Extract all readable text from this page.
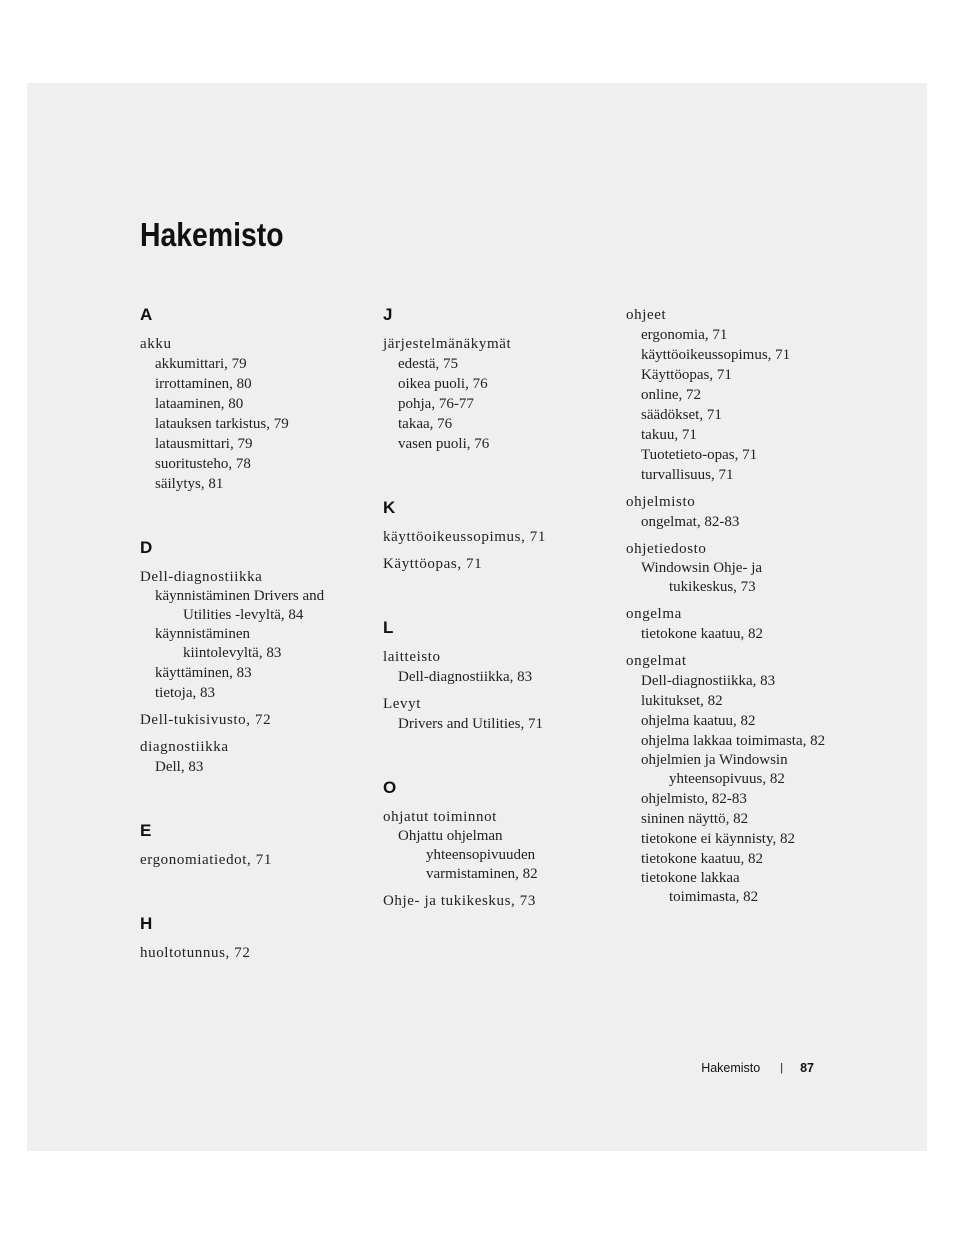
Hakemisto
A
akku
akkumittari, 79
irrottaminen, 80
lataaminen, 80
latauksen tarkistus, 79
latausmittari, 79
suoritusteho, 78
säilytys, 81
D
Dell-diagnostiikka
käynnistäminen Drivers and
Utilities -levyltä, 84
käynnistäminen
kiintolevyltä, 83
käyttäminen, 83
tietoja, 83
Dell-tukisivusto, 72
diagnostiikka
Dell, 83
E
ergonomiatiedot, 71
H
huoltotunnus, 72
J
järjestelmänäkymät
edestä, 75
oikea puoli, 76
pohja, 76-77
takaa, 76
vasen puoli, 76
K
käyttöoikeussopimus, 71
Käyttöopas, 71
L
laitteisto
Dell-diagnostiikka, 83
Levyt
Drivers and Utilities, 71
O
ohjatut toiminnot
Ohjattu ohjelman
yhteensopivuuden
varmistaminen, 82
Ohje- ja tukikeskus, 73
ohjeet
ergonomia, 71
käyttöoikeussopimus, 71
Käyttöopas, 71
online, 72
säädökset, 71
takuu, 71
Tuotetieto-opas, 71
turvallisuus, 71
ohjelmisto
ongelmat, 82-83
ohjetiedosto
Windowsin Ohje- ja
tukikeskus, 73
ongelma
tietokone kaatuu, 82
ongelmat
Dell-diagnostiikka, 83
lukitukset, 82
ohjelma kaatuu, 82
ohjelma lakkaa toimimasta, 82
ohjelmien ja Windowsin
yhteensopivuus, 82
ohjelmisto, 82-83
sininen näyttö, 82
tietokone ei käynnisty, 82
tietokone kaatuu, 82
tietokone lakkaa
toimimasta, 82
Hakemisto | 87
